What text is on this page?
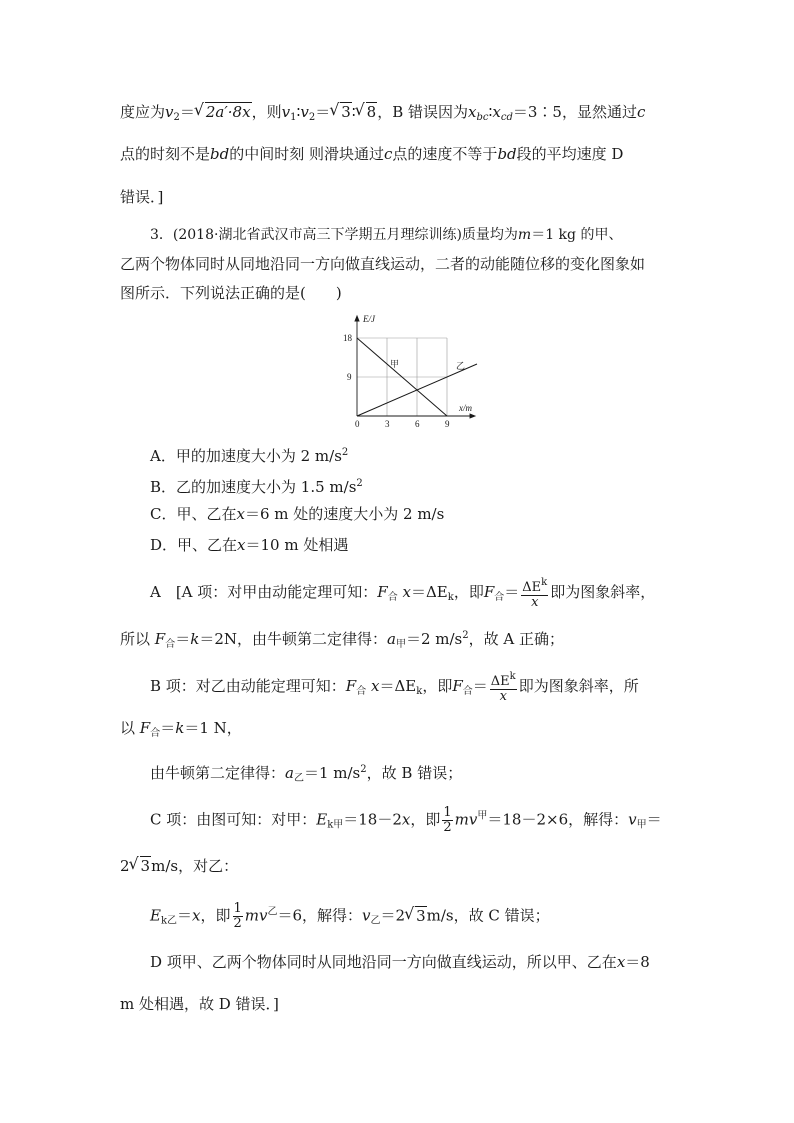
度应为$v_2=√$ 2a′·8x，则$v_1∶v_2=√$ 3∶√ 8，B 错误因为$x_{bc}∶x_{cd}=3∶5$，显然通过c
点的时刻不是bd的中间时刻 则滑块通过c点的速度不等于bd段的平均速度 D
错误．]
3．(2018·湖北省武汉市高三下学期五月理综训练)质量均为m＝1 kg 的甲、
乙两个物体同时从同地沿同一方向做直线运动，二者的动能随位移的变化图象如
图所示．下列说法正确的是(　　)
E/J
x/m
18
9
0	3	6	9
甲	乙
A．甲的加速度大小为 2 $m/s^2$
B．乙的加速度大小为 1.5 $m/s^2$
C．甲、乙在x＝6 m 处的速度大小为 2 m/s
D．甲、乙在x＝10 m 处相遇
A　[A 项：对甲由动能定理可知：$F_合$ $x=\Delta E_k$，即$F_合= \frac{\Delta E^k}{x}$ 即为图象斜率，
所以 $F_合=k=2N$，由牛顿第二定律得：$a_甲=2$ $m/s^2$，故 A 正确；
B 项：对乙由动能定理可知：$F_合$ $x=\Delta E_k$，即$F_合= \frac{\Delta E^k}{x}$ 即为图象斜率，所
以 $F_合=k=1$ N，
由牛顿第二定律得：$a_乙=1$ $m/s^2$，故 B 错误；
C 项：由图可知：对甲：$E_{k甲}=18-2x$，即 $\frac{1}{2} mv^甲=18-2\times 6$，解得：$v_甲=$
2√ 3m/s，对乙：
$E_{k乙}=x$，即 $\frac{1}{2} mv^乙=6$，解得：$v_乙=2√$ 3m/s，故 C 错误；
D 项甲、乙两个物体同时从同地沿同一方向做直线运动，所以甲、乙在x＝8
m 处相遇，故 D 错误．]
